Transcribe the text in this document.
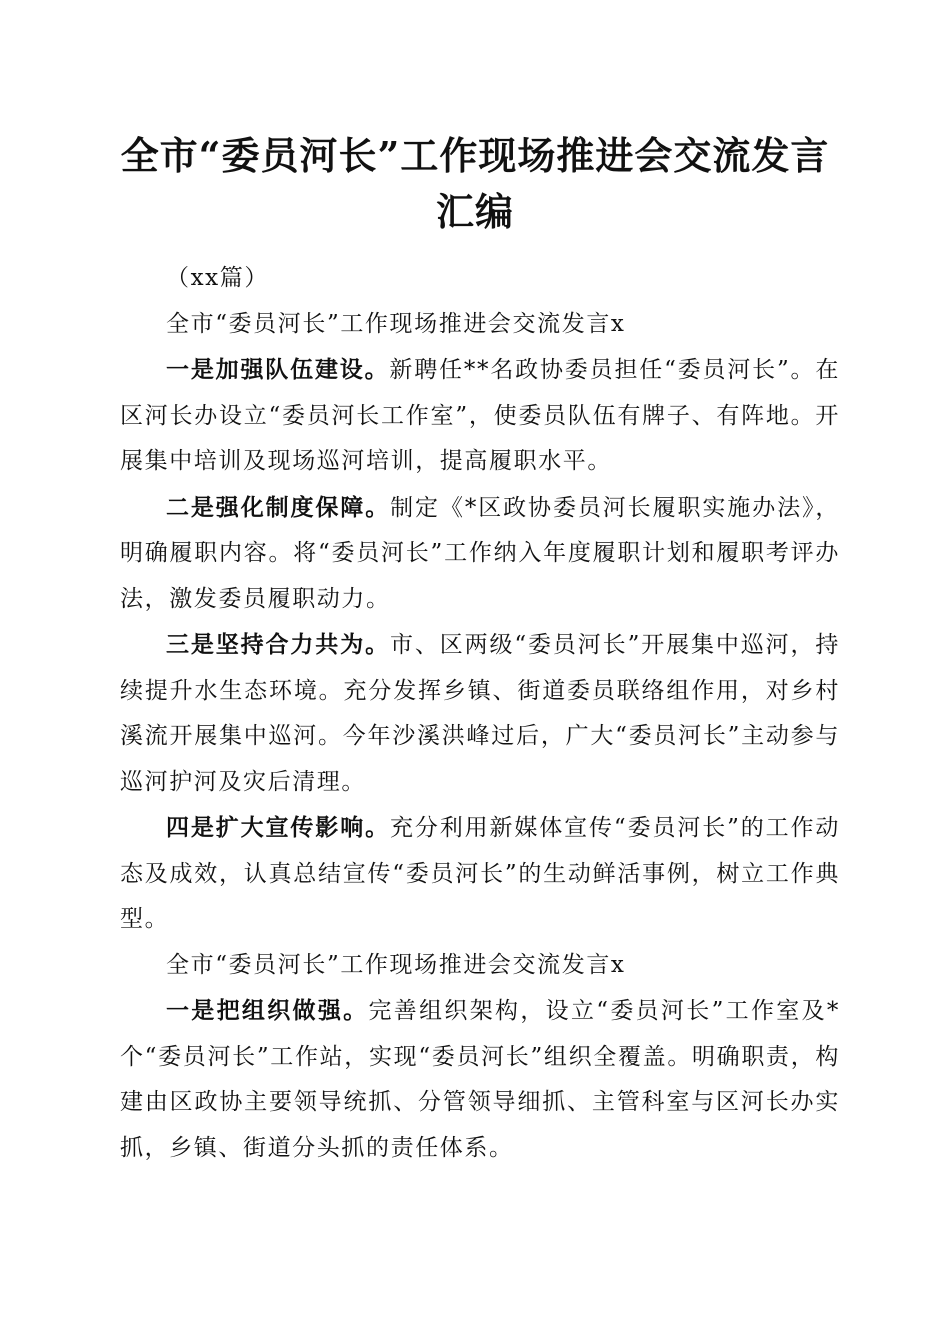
全市“委员河长”工作现场推进会交流发言汇编

（xx篇）

全市“委员河长”工作现场推进会交流发言x

一是加强队伍建设。新聘任**名政协委员担任“委员河长”。在区河长办设立“委员河长工作室”，使委员队伍有牌子、有阵地。开展集中培训及现场巡河培训，提高履职水平。

二是强化制度保障。制定《*区政协委员河长履职实施办法》，明确履职内容。将“委员河长”工作纳入年度履职计划和履职考评办法，激发委员履职动力。

三是坚持合力共为。市、区两级“委员河长”开展集中巡河，持续提升水生态环境。充分发挥乡镇、街道委员联络组作用，对乡村溪流开展集中巡河。今年沙溪洪峰过后，广大“委员河长”主动参与巡河护河及灾后清理。

四是扩大宣传影响。充分利用新媒体宣传“委员河长”的工作动态及成效，认真总结宣传“委员河长”的生动鲜活事例，树立工作典型。

全市“委员河长”工作现场推进会交流发言x

一是把组织做强。完善组织架构，设立“委员河长”工作室及*个“委员河长”工作站，实现“委员河长”组织全覆盖。明确职责，构建由区政协主要领导统抓、分管领导细抓、主管科室与区河长办实抓，乡镇、街道分头抓的责任体系。
